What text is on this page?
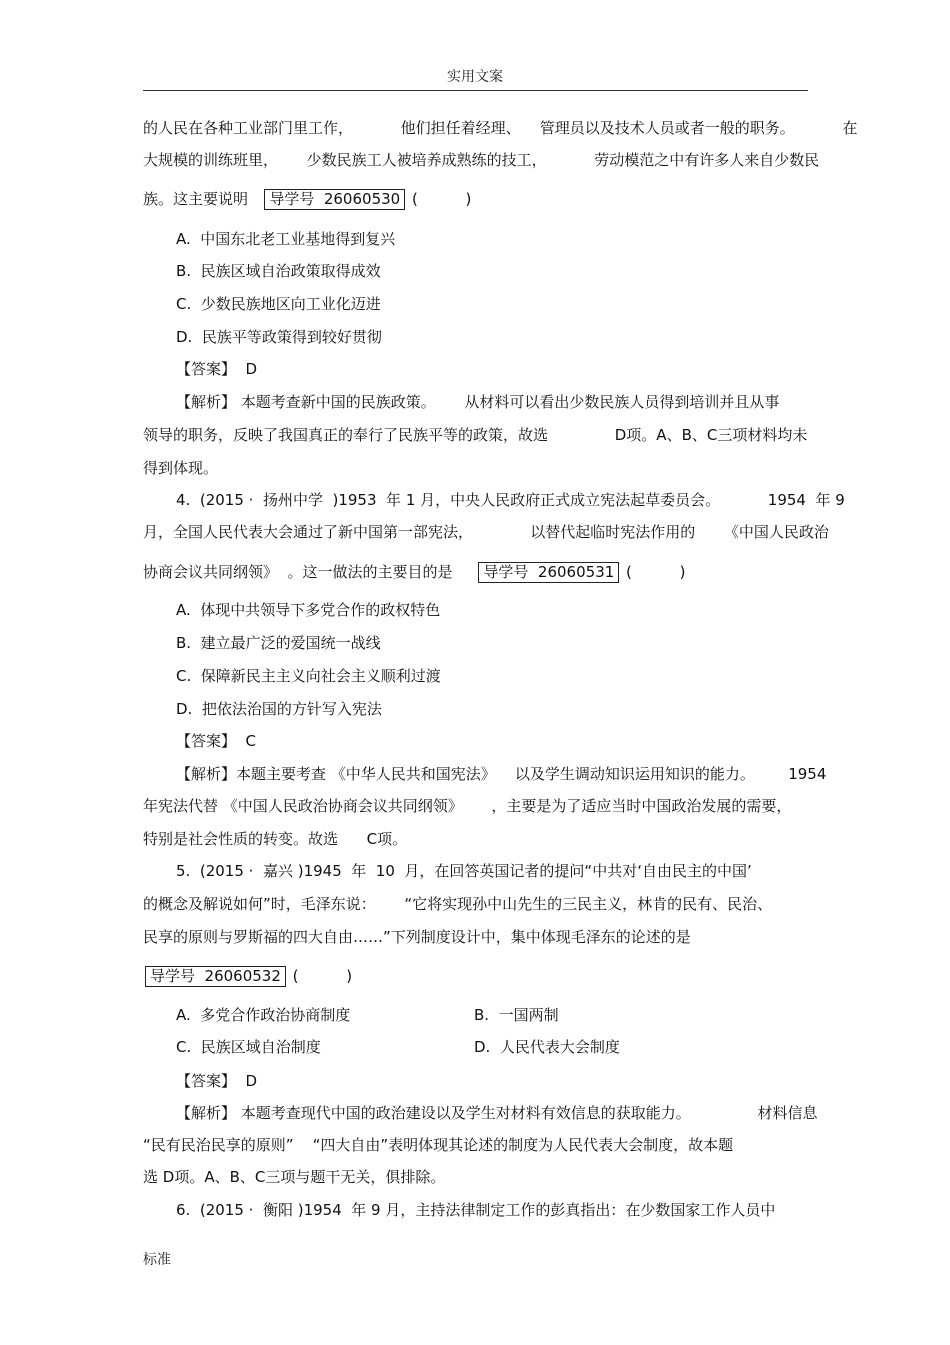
实用文案
的人民在各种工业部门里工作，          他们担任着经理、    管理员以及技术人员或者一般的职务。          在
大规模的训练班里，      少数民族工人被培养成熟练的技工，          劳动模范之中有许多人来自少数民
族。这主要说明   导学号  26060530 (          )
A.  中国东北老工业基地得到复兴
B.  民族区域自治政策取得成效
C.  少数民族地区向工业化迈进
D.  民族平等政策得到较好贯彻
【答案】  D
【解析】 本题考查新中国的民族政策。      从材料可以看出少数民族人员得到培训并且从事
领导的职务，反映了我国真正的奉行了民族平等的政策，故选              D项。A、B、C三项材料均未
得到体现。
4.  (2015 ·  扬州中学  )1953  年 1 月，中央人民政府正式成立宪法起草委员会。          1954  年 9
月，全国人民代表大会通过了新中国第一部宪法，            以替代起临时宪法作用的      《中国人民政治
协商会议共同纲领》  。这一做法的主要目的是     导学号  26060531 (          )
A.  体现中共领导下多党合作的政权特色
B.  建立最广泛的爱国统一战线
C.  保障新民主主义向社会主义顺利过渡
D.  把依法治国的方针写入宪法
【答案】  C
【解析】本题主要考查 《中华人民共和国宪法》    以及学生调动知识运用知识的能力。       1954
年宪法代替 《中国人民政治协商会议共同纲领》      ，主要是为了适应当时中国政治发展的需要，
特别是社会性质的转变。故选      C项。
5.  (2015 ·  嘉兴 )1945  年  10  月，在回答英国记者的提问“中共对‘自由民主的中国’
的概念及解说如何”时，毛泽东说：      “它将实现孙中山先生的三民主义，林肯的民有、民治、
民享的原则与罗斯福的四大自由……”下列制度设计中，集中体现毛泽东的论述的是
导学号  26060532 (          )
A.  多党合作政治协商制度	B.  一国两制
C.  民族区域自治制度	D.  人民代表大会制度
【答案】  D
【解析】 本题考查现代中国的政治建设以及学生对材料有效信息的获取能力。              材料信息
“民有民治民享的原则”    “四大自由”表明体现其论述的制度为人民代表大会制度，故本题
选 D项。A、B、C三项与题干无关，俱排除。
6.  (2015 ·  衡阳 )1954  年 9 月，主持法律制定工作的彭真指出：在少数国家工作人员中
标准
